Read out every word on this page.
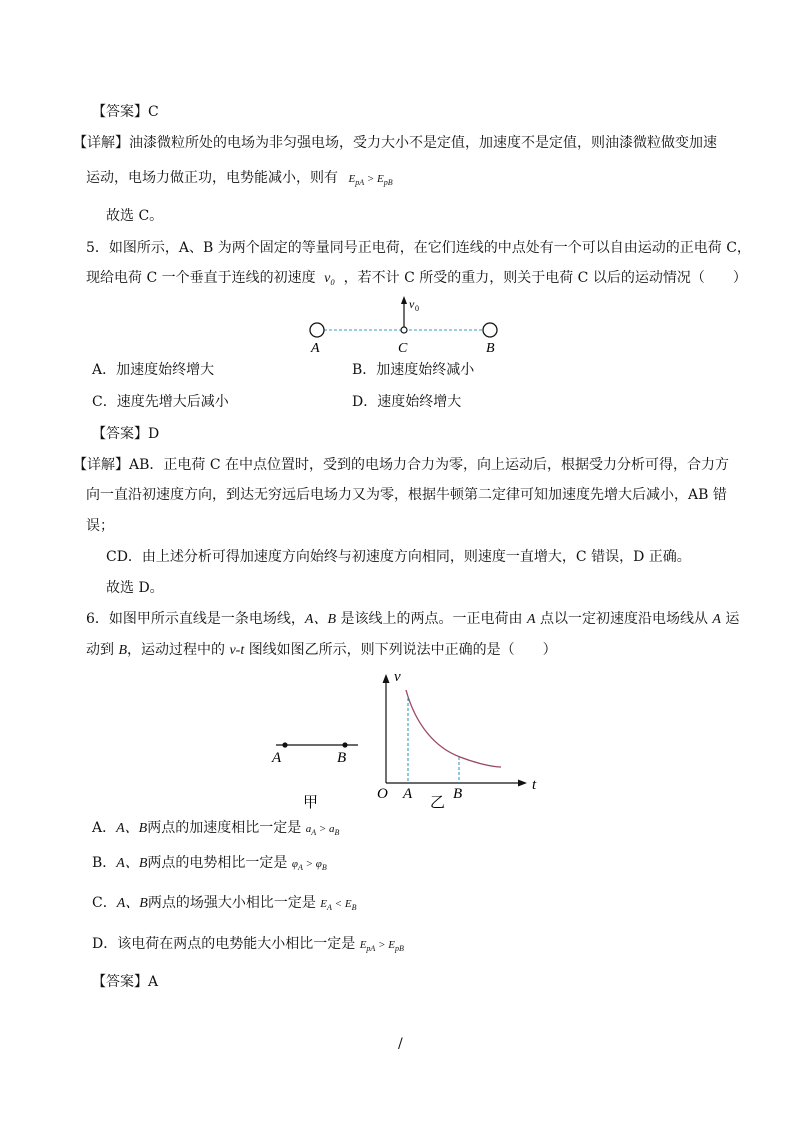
【答案】C
【详解】油漆微粒所处的电场为非匀强电场，受力大小不是定值，加速度不是定值，则油漆微粒做变加速
运动，电场力做正功，电势能减小，则有 $E_{pA} > E_{pB}$
故选 C。
5．如图所示，A、B 为两个固定的等量同号正电荷，在它们连线的中点处有一个可以自由运动的正电荷 C，
现给电荷 C 一个垂直于连线的初速度 v₀ ，若不计 C 所受的重力，则关于电荷 C 以后的运动情况（　　）
v 0
A	C	B
A．加速度始终增大	B．加速度始终减小
C．速度先增大后减小	D．速度始终增大
【答案】D
【详解】AB．正电荷 C 在中点位置时，受到的电场力合力为零，向上运动后，根据受力分析可得，合力方
向一直沿初速度方向，到达无穷远后电场力又为零，根据牛顿第二定律可知加速度先增大后减小，AB 错
误；
CD．由上述分析可得加速度方向始终与初速度方向相同，则速度一直增大，C 错误，D 正确。
故选 D。
6．如图甲所示直线是一条电场线，A、B 是该线上的两点。一正电荷由 A 点以一定初速度沿电场线从 A 运
动到 B，运动过程中的 v-t 图线如图乙所示，则下列说法中正确的是（　　）
A	B
甲
v
O A	B
t
乙
A．A、B两点的加速度相比一定是 $a_A > a_B$
B．A、B两点的电势相比一定是 $\varphi_A > \varphi_B$
C．A、B两点的场强大小相比一定是 $E_A < E_B$
D．该电荷在两点的电势能大小相比一定是 $E_{pA} > E_{pB}$
【答案】A
/
